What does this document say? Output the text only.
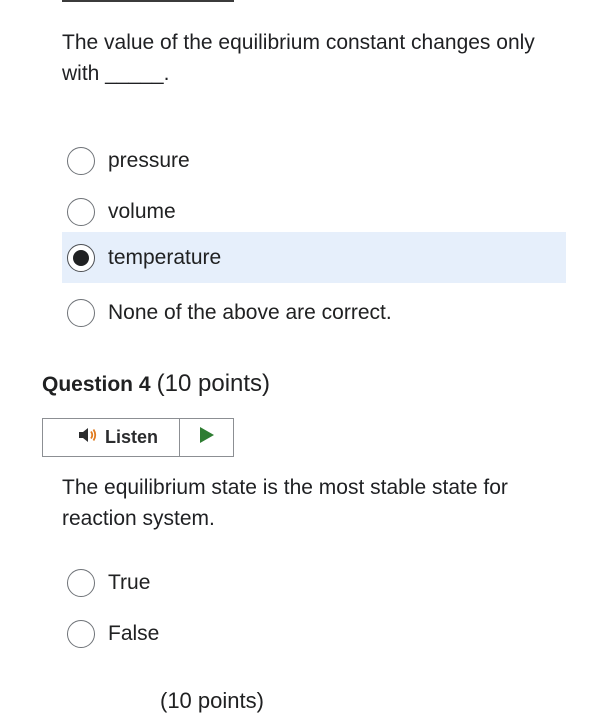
The value of the equilibrium constant changes only with _____.
pressure
volume
temperature
None of the above are correct.
Question 4 (10 points)
Listen
The equilibrium state is the most stable state for reaction system.
True
False
(10 points)
